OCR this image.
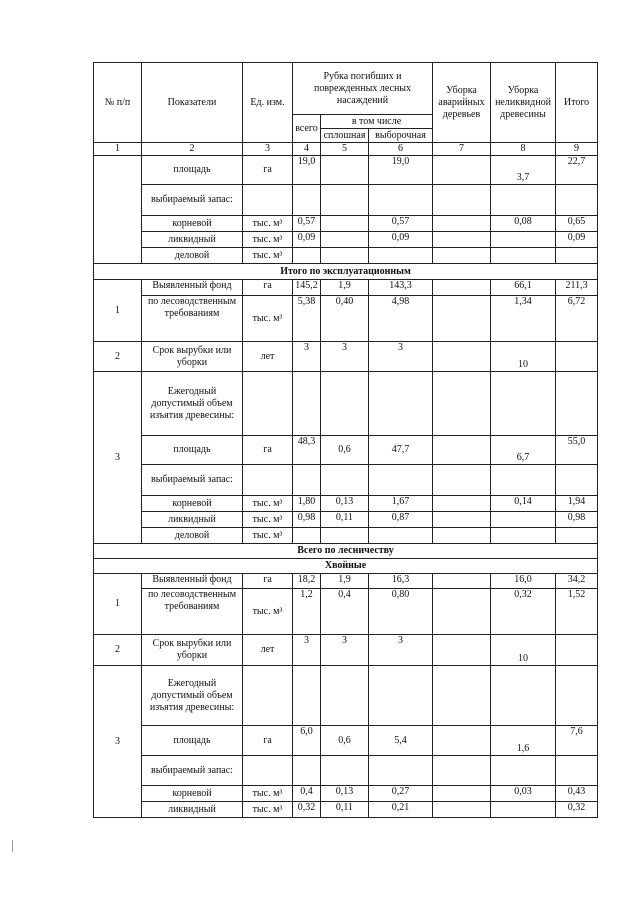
№ п/п	Показатели	Ед. изм.	Рубка погибших и поврежденных лесных насаждений			Уборка аварийных деревьев	Уборка неликвидной древесины	Итого
			всего	в том числе				
				сплошная	выборочная			
1	2	3	4	5	6	7	8	9
	площадь	га	19,0		19,0		3,7	22,7
	выбираемый запас:							
	корневой	тыс. м³	0,57		0,57		0,08	0,65
	ликвидный	тыс. м³	0,09		0,09			0,09
	деловой	тыс. м³						
Итого по эксплуатационным								
1	Выявленный фонд	га	145,2	1,9	143,3		66,1	211,3
	по лесоводственным требованиям	тыс. м³	5,38	0,40	4,98		1,34	6,72
2	Срок вырубки или уборки	лет	3	3	3		10	
3	Ежегодный допустимый объем изъятия древесины:							
	площадь	га	48,3	0,6	47,7		6,7	55,0
	выбираемый запас:							
	корневой	тыс. м³	1,80	0,13	1,67		0,14	1,94
	ликвидный	тыс. м³	0,98	0,11	0,87			0,98
	деловой	тыс. м³						
Всего по лесничеству								
Хвойные								
1	Выявленный фонд	га	18,2	1,9	16,3		16,0	34,2
	по лесоводственным требованиям	тыс. м³	1,2	0,4	0,80		0,32	1,52
2	Срок вырубки или уборки	лет	3	3	3		10	
3	Ежегодный допустимый объем изъятия древесины:							
	площадь	га	6,0	0,6	5,4		1,6	7,6
	выбираемый запас:							
	корневой	тыс. м³	0,4	0,13	0,27		0,03	0,43
	ликвидный	тыс. м³	0,32	0,11	0,21			0,32
